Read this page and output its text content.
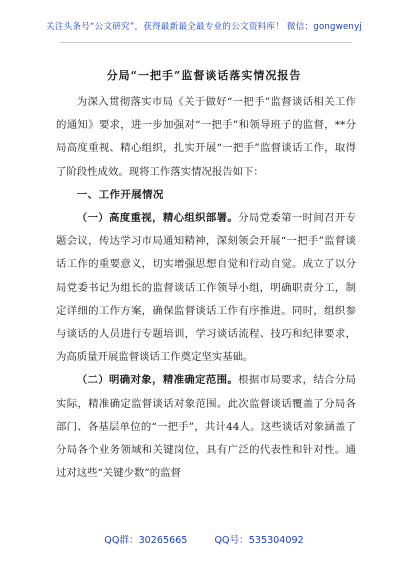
关注头条号“公文研究”，获得最新最全最专业的公文资料库！ 微信：gongwenyj
分局“一把手”监督谈话落实情况报告

为深入贯彻落实市局《关于做好“一把手”监督谈话相关工作的通知》要求，进一步加强对“一把手”和领导班子的监督，**分局高度重视、精心组织，扎实开展“一把手”监督谈话工作，取得了阶段性成效。现将工作落实情况报告如下：

一、工作开展情况

（一）高度重视，精心组织部署。分局党委第一时间召开专题会议，传达学习市局通知精神，深刻领会开展“一把手”监督谈话工作的重要意义，切实增强思想自觉和行动自觉。成立了以分局党委书记为组长的监督谈话工作领导小组，明确职责分工，制定详细的工作方案，确保监督谈话工作有序推进。同时，组织参与谈话的人员进行专题培训，学习谈话流程、技巧和纪律要求，为高质量开展监督谈话工作奠定坚实基础。

（二）明确对象，精准确定范围。根据市局要求，结合分局实际，精准确定监督谈话对象范围。此次监督谈话覆盖了分局各部门、各基层单位的“一把手”，共计44人。这些谈话对象涵盖了分局各个业务领域和关键岗位，具有广泛的代表性和针对性。通过对这些“关键少数”的监督

QQ群：30265665	QQ号：535304092
